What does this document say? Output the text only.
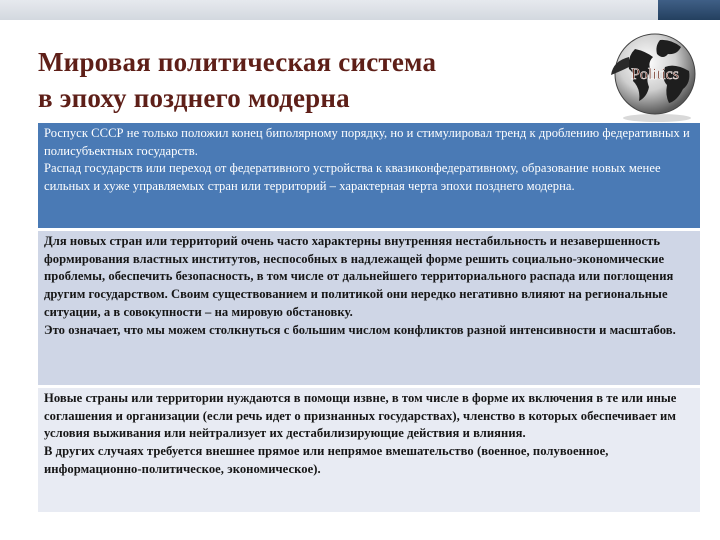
Мировая политическая система
в эпоху позднего модерна
Politics

Роспуск СССР не только положил конец биполярному порядку, но и стимулировал тренд к дроблению федеративных и полисубъектных государств.

Распад государств или переход от федеративного устройства к квазиконфедеративному, образование новых менее сильных и хуже управляемых стран или территорий – характерная черта эпохи позднего модерна.

Для новых стран или территорий очень часто характерны внутренняя нестабильность и незавершенность формирования властных институтов, неспособных в надлежащей форме решить социально-экономические проблемы, обеспечить безопасность, в том числе от дальнейшего территориального распада или поглощения другим государством. Своим существованием и политикой они нередко негативно влияют на региональные ситуации, а в совокупности – на мировую обстановку.

Это означает, что мы можем столкнуться с большим числом конфликтов разной интенсивности и масштабов.

Новые страны или территории нуждаются в помощи извне, в том числе в форме их включения в те или иные соглашения и организации (если речь идет о признанных государствах), членство в которых обеспечивает им условия выживания или нейтрализует их дестабилизирующие действия и влияния.

В других случаях требуется внешнее прямое или непрямое вмешательство (военное, полувоенное, информационно-политическое, экономическое).
